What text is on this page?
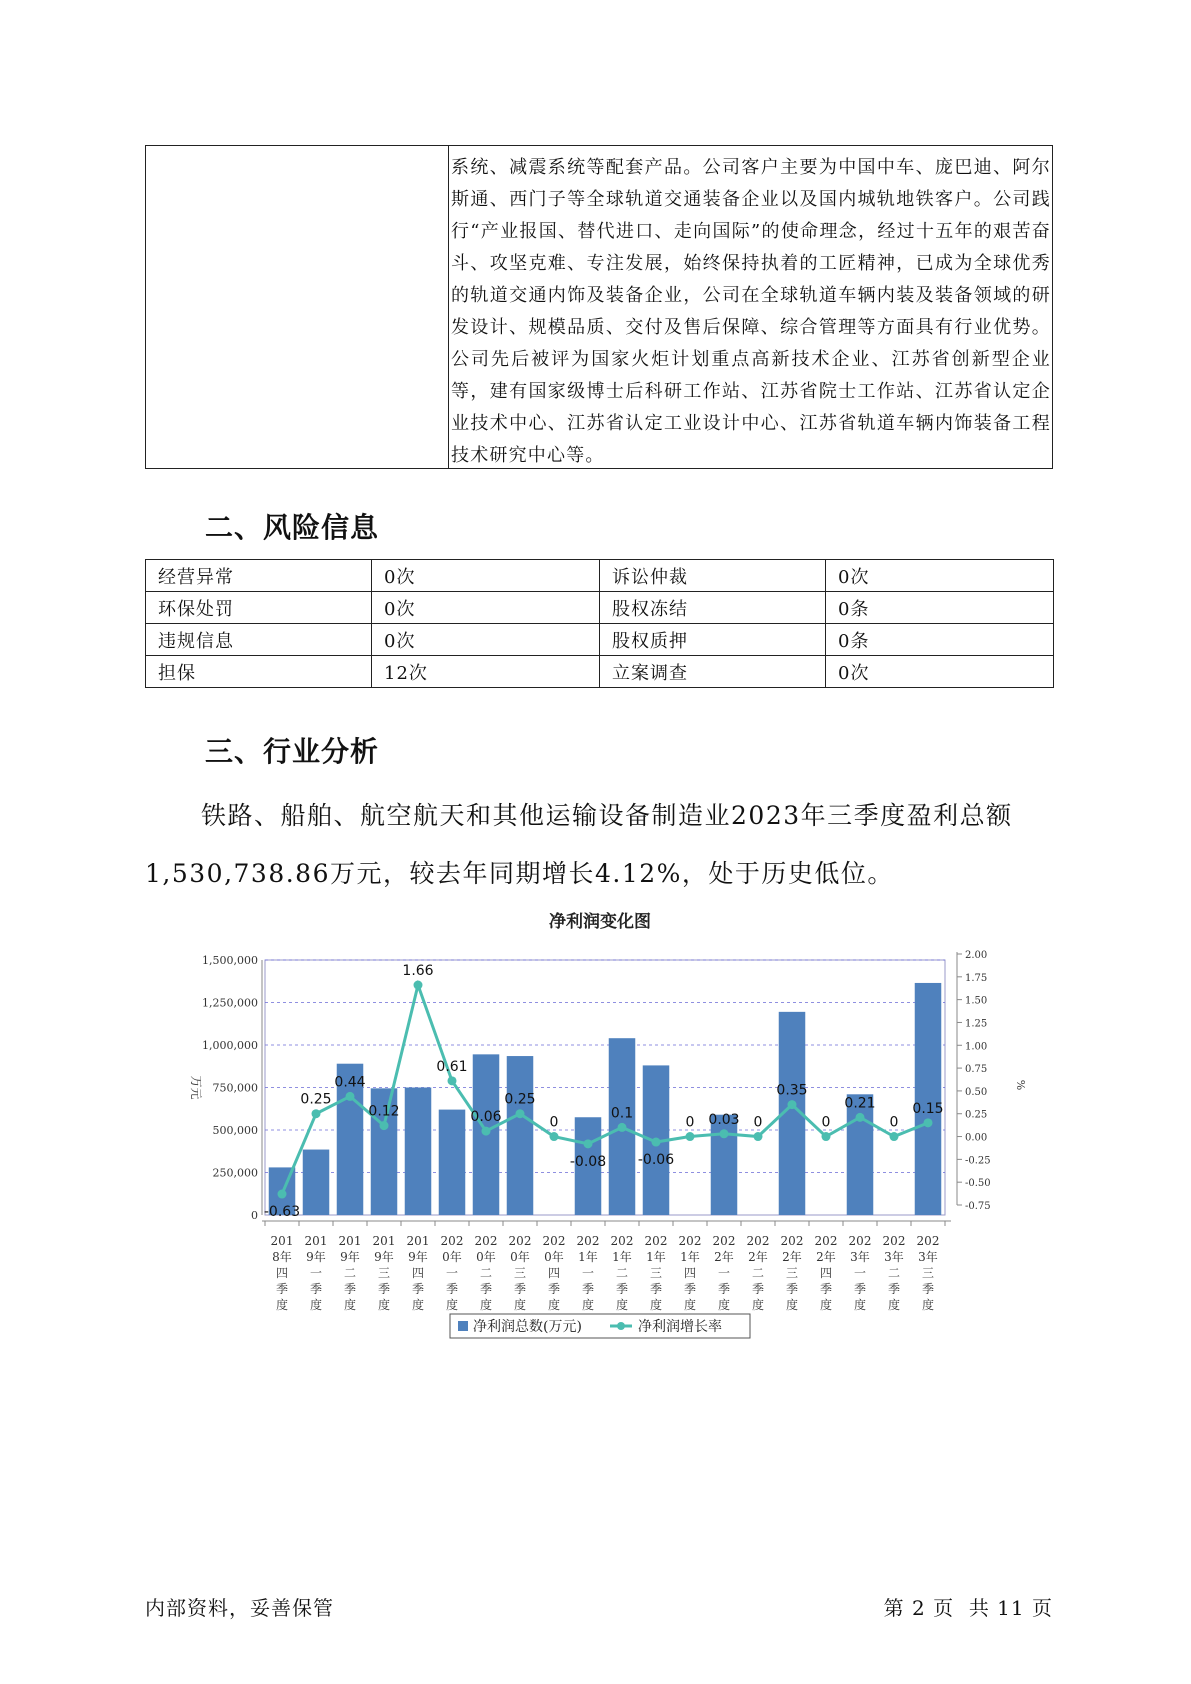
系统、减震系统等配套产品。公司客户主要为中国中车、庞巴迪、阿尔斯通、西门子等全球轨道交通装备企业以及国内城轨地铁客户。公司践行“产业报国、替代进口、走向国际”的使命理念，经过十五年的艰苦奋斗、攻坚克难、专注发展，始终保持执着的工匠精神，已成为全球优秀的轨道交通内饰及装备企业，公司在全球轨道车辆内装及装备领域的研发设计、规模品质、交付及售后保障、综合管理等方面具有行业优势。公司先后被评为国家火炬计划重点高新技术企业、江苏省创新型企业等，建有国家级博士后科研工作站、江苏省院士工作站、江苏省认定企业技术中心、江苏省认定工业设计中心、江苏省轨道车辆内饰装备工程技术研究中心等。
二、风险信息
经营异常	0次	诉讼仲裁	0次
环保处罚	0次	股权冻结	0条
违规信息	0次	股权质押	0条
担保	12次	立案调查	0次
三、行业分析

铁路、船舶、航空航天和其他运输设备制造业2023年三季度盈利总额1,530,738.86万元，较去年同期增长4.12%，处于历史低位。

净利润变化图
0
250,000
500,000
750,000
1,000,000
1,250,000
1,500,000
万元
-0.75
-0.50
-0.25
0.00
0.25
0.50
0.75
1.00
1.25
1.50
1.75
2.00
%
201 8年四季度
201 9年一季度
201 9年二季度
201 9年三季度
201 9年四季度
202 0年一季度
202 0年二季度
202 0年三季度
202 0年四季度
202 1年一季度
202 1年二季度
202 1年三季度
202 1年四季度
202 2年一季度
202 2年二季度
202 2年三季度
202 2年四季度
202 3年一季度
202 3年二季度
202 3年三季度
-0.63
0.25
0.44
0.12
1.66
0.61
0.06
0.25
0
-0.08
0.1
-0.06
0 0.03 0
0.35
0
0.21
0
0.15
净利润总数(万元)	净利润增长率
内部资料，妥善保管	第 2 页  共 11 页
